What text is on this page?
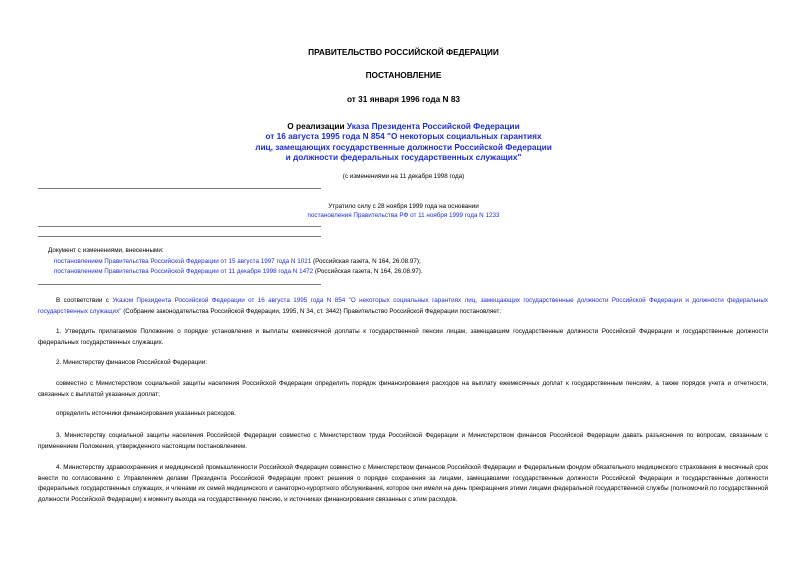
ПРАВИТЕЛЬСТВО РОССИЙСКОЙ ФЕДЕРАЦИИ
ПОСТАНОВЛЕНИЕ
от 31 января 1996 года N 83
О реализации Указа Президента Российской Федерации
от 16 августа 1995 года N 854 "О некоторых социальных гарантиях
лиц, замещающих государственные должности Российской Федерации
и должности федеральных государственных служащих"
(с изменениями на 11 декабря 1998 года)
Утратило силу с 28 ноября 1999 года на основании
постановления Правительства РФ от 11 ноября 1999 года N 1233
Документ с изменениями, внесенными:
постановлением Правительства Российской Федерации от 15 августа 1997 года N 1021 (Российская газета, N 164, 26.08.97);
постановлением Правительства Российской Федерации от 11 декабря 1998 года N 1472 (Российская газета, N 164, 26.08.97).
В соответствии с Указом Президента Российской Федерации от 16 августа 1995 года N 854 "О некоторых социальных гарантиях лиц, замещающих государственные должности Российской Федерации и должности федеральных государственных служащих" (Собрание законодательства Российской Федерации, 1995, N 34, ст. 3442) Правительство Российской Федерации постановляет:
1. Утвердить прилагаемое Положение о порядке установления и выплаты ежемесячной доплаты к государственной пенсии лицам, замещавшим государственные должности Российской Федерации и государственные должности федеральных государственных служащих.
2. Министерству финансов Российской Федерации:
совместно с Министерством социальной защиты населения Российской Федерации определить порядок финансирования расходов на выплату ежемесячных доплат к государственным пенсиям, а также порядок учета и отчетности, связанных с выплатой указанных доплат;
определить источники финансирования указанных расходов.
3. Министерству социальной защиты населения Российской Федерации совместно с Министерством труда Российской Федерации и Министерством финансов Российской Федерации давать разъяснения по вопросам, связанным с применением Положения, утвержденного настоящим постановлением.
4. Министерству здравоохранения и медицинской промышленности Российской Федерации совместно с Министерством финансов Российской Федерации и Федеральным фондом обязательного медицинского страхования в месячный срок внести по согласованию с Управлением делами Президента Российской Федерации проект решения о порядке сохранения за лицами, замещавшими государственные должности Российской Федерации и государственные должности федеральных государственных служащих, и членами их семей медицинского и санаторно-курортного обслуживания, которое они имели на день прекращения этими лицами федеральной государственной службы (полномочий по государственной должности Российской Федерации) к моменту выхода на государственную пенсию, и источниках финансирования связанных с этим расходов.
